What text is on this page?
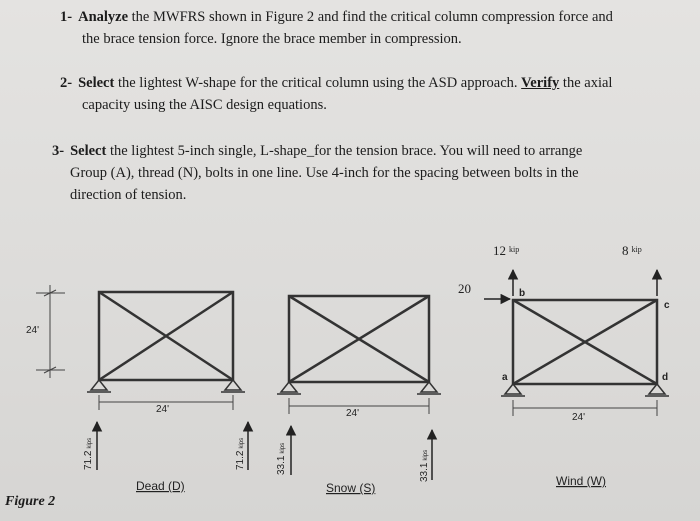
1- Analyze the MWFRS shown in Figure 2 and find the critical column compression force and
the brace tension force. Ignore the brace member in compression.
2- Select the lightest W-shape for the critical column using the ASD approach. Verify the axial
capacity using the AISC design equations.
3- Select the lightest 5-inch single, L-shape_for the tension brace. You will need to arrange
Group (A), thread (N), bolts in one line. Use 4-inch for the spacing between bolts in the
direction of tension.
24'
24'	24'	24'
71.2kips
71.2kips
33.1kips
33.1kips
Dead (D)	Snow (S)	Wind (W)
12 $^{kip}$	8 $^{kip}$
20	b
c
a	d
Figure 2
